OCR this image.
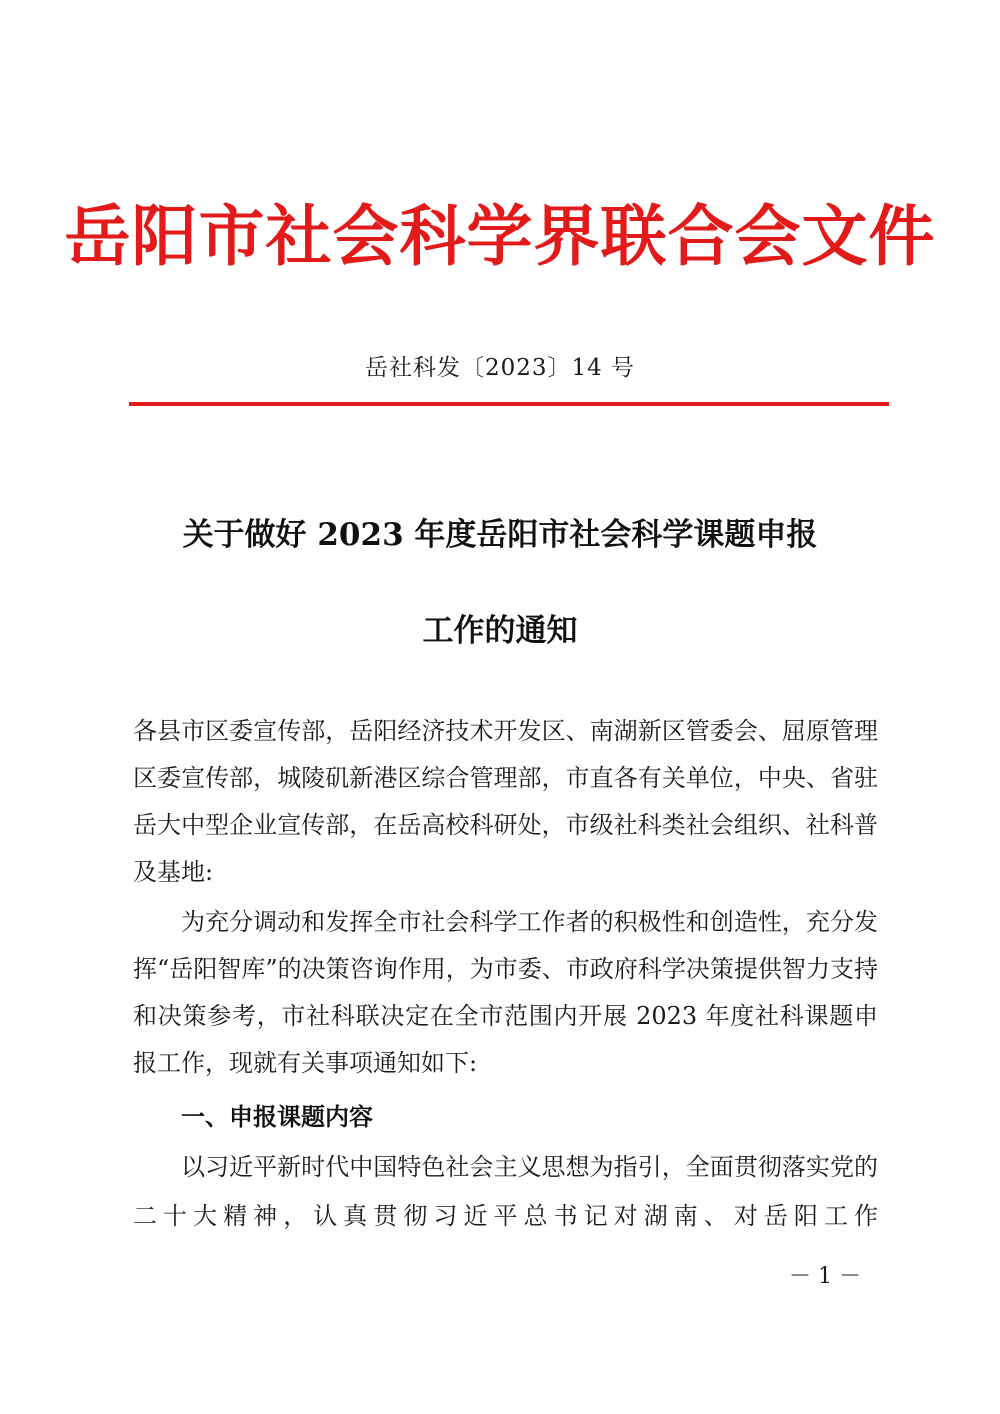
岳阳市社会科学界联合会文件
岳社科发〔2023〕14 号
关于做好 2023 年度岳阳市社会科学课题申报
工作的通知
各县市区委宣传部，岳阳经济技术开发区、南湖新区管委会、屈原管理区委宣传部，城陵矶新港区综合管理部，市直各有关单位，中央、省驻岳大中型企业宣传部，在岳高校科研处，市级社科类社会组织、社科普及基地:
为充分调动和发挥全市社会科学工作者的积极性和创造性，充分发挥“岳阳智库”的决策咨询作用，为市委、市政府科学决策提供智力支持和决策参考，市社科联决定在全市范围内开展 2023 年度社科课题申报工作，现就有关事项通知如下:
一、申报课题内容
以习近平新时代中国特色社会主义思想为指引，全面贯彻落实党的二十大精神，认真贯彻习近平总书记对湖南、对岳阳工作
－ 1 －
